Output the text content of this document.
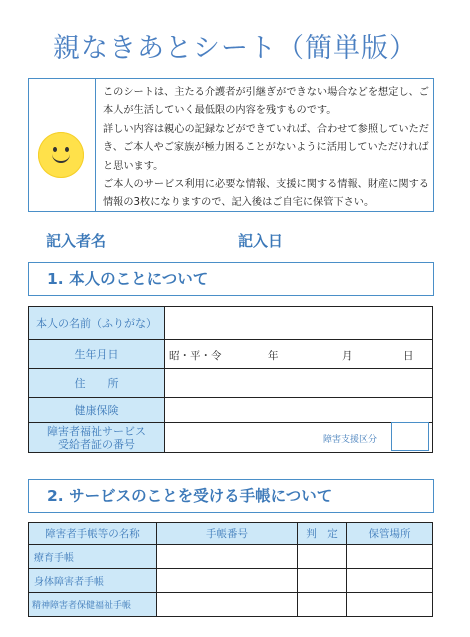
親なきあとシート（簡単版）

このシートは、主たる介護者が引継ぎができない場合などを想定し、ご本人が生活していく最低限の内容を残すものです。

詳しい内容は親心の記録などができていれば、合わせて参照していただき、ご本人やご家族が極力困ることがないように活用していただければと思います。

ご本人のサービス利用に必要な情報、支援に関する情報、財産に関する情報の3枚になりますので、記入後はご自宅に保管下さい。

記入者名	記入日
1. 本人のことについて
本人の名前（ふりがな）	
生年月日	昭・平・令 年 月 日

住　　所	
健康保険	

障害者福祉サービス
受給者証の番号	障害支援区分
2. サービスのことを受ける手帳について
障害者手帳等の名称	手帳番号	判　定	保管場所
療育手帳			
身体障害者手帳			
精神障害者保健福祉手帳			
